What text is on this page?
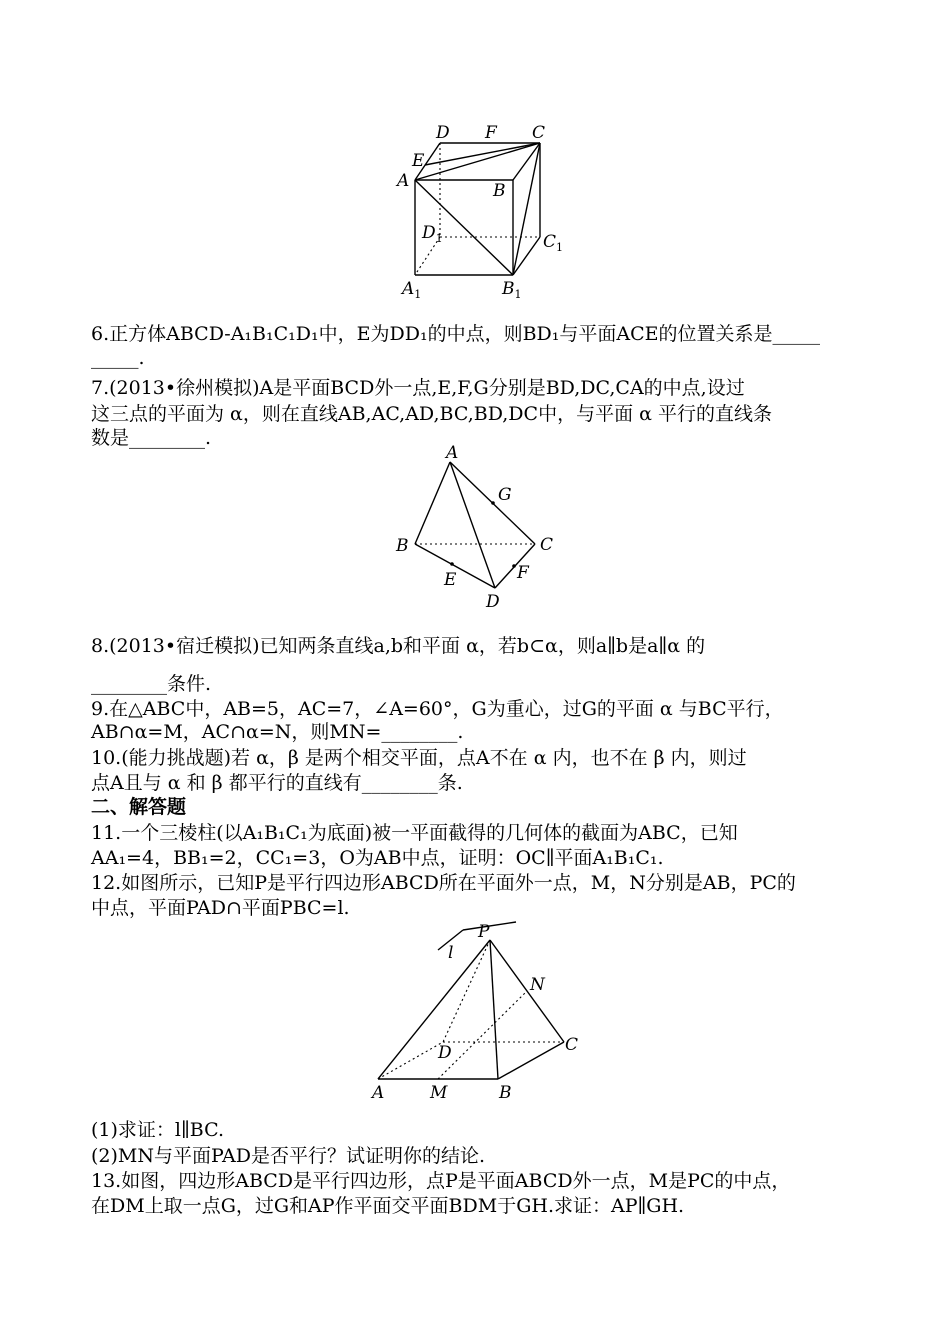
D F C
E
A	B
$D_1$	$C_1$
$A_1$	$B_1$
A
G
B	C
E	F
D
P
l
N
D	C
A	M	B
6.正方体ABCD-A₁B₁C₁D₁中，E为DD₁的中点，则BD₁与平面ACE的位置关系是_____
_____.
7.(2013•徐州模拟)A是平面BCD外一点,E,F,G分别是BD,DC,CA的中点,设过
这三点的平面为 α，则在直线AB,AC,AD,BC,BD,DC中，与平面 α 平行的直线条
数是________.
8.(2013•宿迁模拟)已知两条直线a,b和平面 α，若b⊂α，则a∥b是a∥α 的
________条件.
9.在△ABC中，AB=5，AC=7，∠A=60°，G为重心，过G的平面 α 与BC平行，
AB∩α=M，AC∩α=N，则MN=________.
10.(能力挑战题)若 α，β 是两个相交平面，点A不在 α 内，也不在 β 内，则过
点A且与 α 和 β 都平行的直线有________条.
二、解答题
11.一个三棱柱(以A₁B₁C₁为底面)被一平面截得的几何体的截面为ABC，已知
AA₁=4，BB₁=2，CC₁=3，O为AB中点，证明：OC∥平面A₁B₁C₁.
12.如图所示，已知P是平行四边形ABCD所在平面外一点，M，N分别是AB，PC的
中点，平面PAD∩平面PBC=l.
(1)求证：l∥BC.
(2)MN与平面PAD是否平行？试证明你的结论.
13.如图，四边形ABCD是平行四边形，点P是平面ABCD外一点，M是PC的中点，
在DM上取一点G，过G和AP作平面交平面BDM于GH.求证：AP∥GH.
